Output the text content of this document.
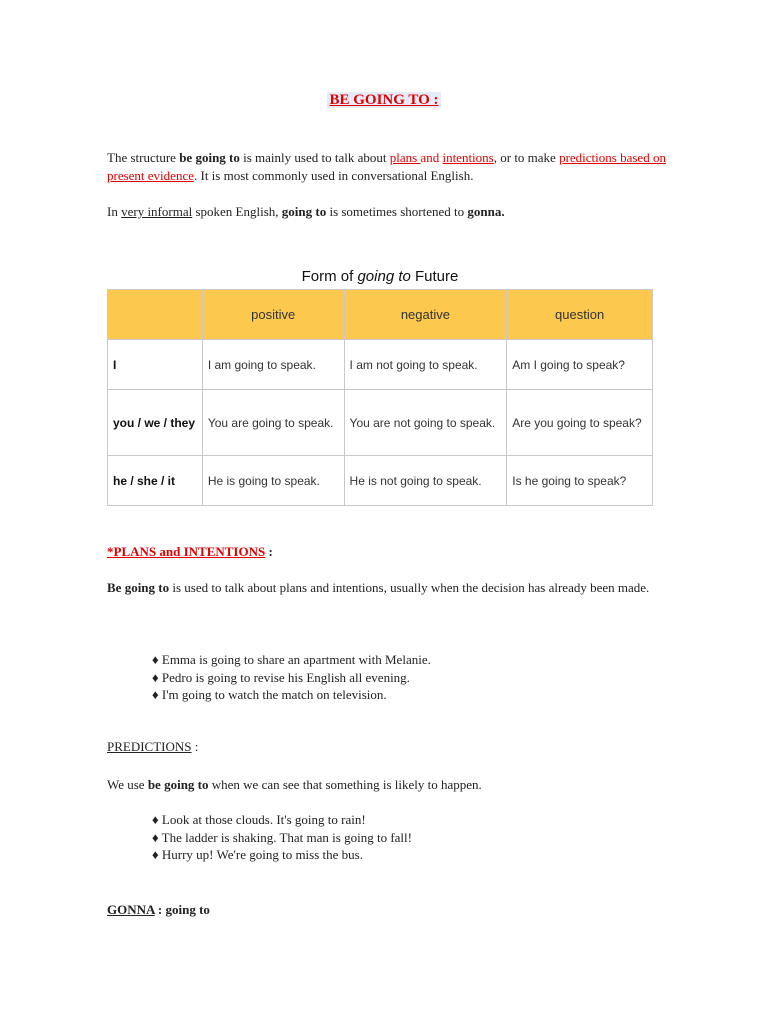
BE GOING TO :
The structure be going to is mainly used to talk about plans and intentions, or to make predictions based on present evidence. It is most commonly used in conversational English.
In very informal spoken English, going to is sometimes shortened to gonna.
Form of going to Future
	positive	negative	question
I	I am going to speak.	I am not going to speak.	Am I going to speak?
you / we / they	You are going to speak.	You are not going to speak.	Are you going to speak?
he / she / it	He is going to speak.	He is not going to speak.	Is he going to speak?
*PLANS and INTENTIONS :
Be going to is used to talk about plans and intentions, usually when the decision has already been made.
♦ Emma is going to share an apartment with Melanie.
♦ Pedro is going to revise his English all evening.
♦ I'm going to watch the match on television.
PREDICTIONS :
We use be going to when we can see that something is likely to happen.
♦ Look at those clouds. It's going to rain!
♦ The ladder is shaking. That man is going to fall!
♦ Hurry up! We're going to miss the bus.
GONNA : going to
